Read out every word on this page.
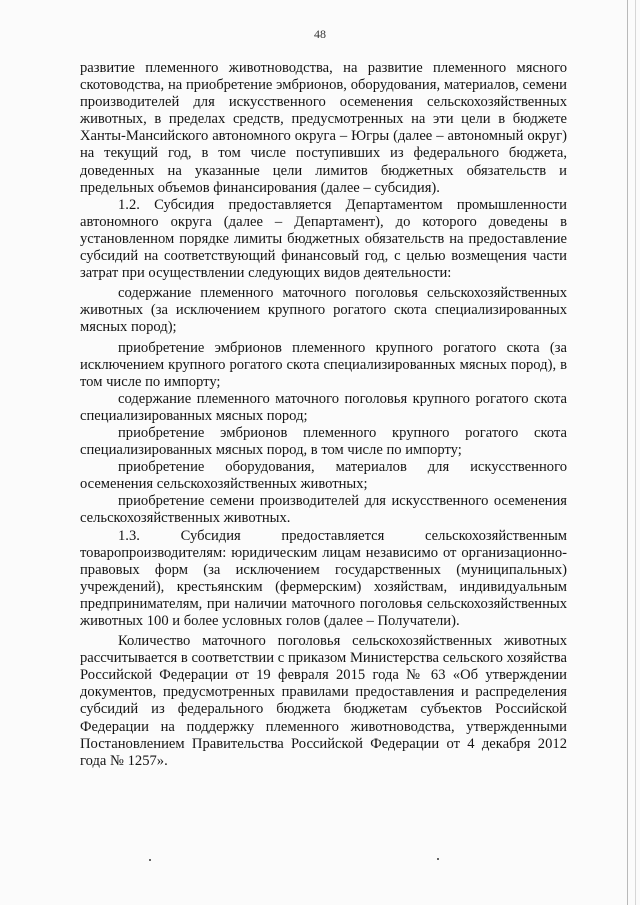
48

развитие племенного животноводства, на развитие племенного мясного скотоводства, на приобретение эмбрионов, оборудования, материалов, семени производителей для искусственного осеменения сельскохозяйственных животных, в пределах средств, предусмотренных на эти цели в бюджете Ханты-Мансийского автономного округа – Югры (далее – автономный округ) на текущий год, в том числе поступивших из федерального бюджета, доведенных на указанные цели лимитов бюджетных обязательств и предельных объемов финансирования (далее – субсидия).

1.2. Субсидия предоставляется Департаментом промышленности автономного округа (далее – Департамент), до которого доведены в установленном порядке лимиты бюджетных обязательств на предоставление субсидий на соответствующий финансовый год, с целью возмещения части затрат при осуществлении следующих видов деятельности:

содержание племенного маточного поголовья сельскохозяйственных животных (за исключением крупного рогатого скота специализированных мясных пород);

приобретение эмбрионов племенного крупного рогатого скота (за исключением крупного рогатого скота специализированных мясных пород), в том числе по импорту;

содержание племенного маточного поголовья крупного рогатого скота специализированных мясных пород;

приобретение эмбрионов племенного крупного рогатого скота специализированных мясных пород, в том числе по импорту;

приобретение оборудования, материалов для искусственного осеменения сельскохозяйственных животных;

приобретение семени производителей для искусственного осеменения сельскохозяйственных животных.

1.3. Субсидия предоставляется сельскохозяйственным товаропроизводителям: юридическим лицам независимо от организационно-правовых форм (за исключением государственных (муниципальных) учреждений), крестьянским (фермерским) хозяйствам, индивидуальным предпринимателям, при наличии маточного поголовья сельскохозяйственных животных 100 и более условных голов (далее – Получатели).

Количество маточного поголовья сельскохозяйственных животных рассчитывается в соответствии с приказом Министерства сельского хозяйства Российской Федерации от 19 февраля 2015 года № 63 «Об утверждении документов, предусмотренных правилами предоставления и распределения субсидий из федерального бюджета бюджетам субъектов Российской Федерации на поддержку племенного животноводства, утвержденными Постановлением Правительства Российской Федерации от 4 декабря 2012 года № 1257».
